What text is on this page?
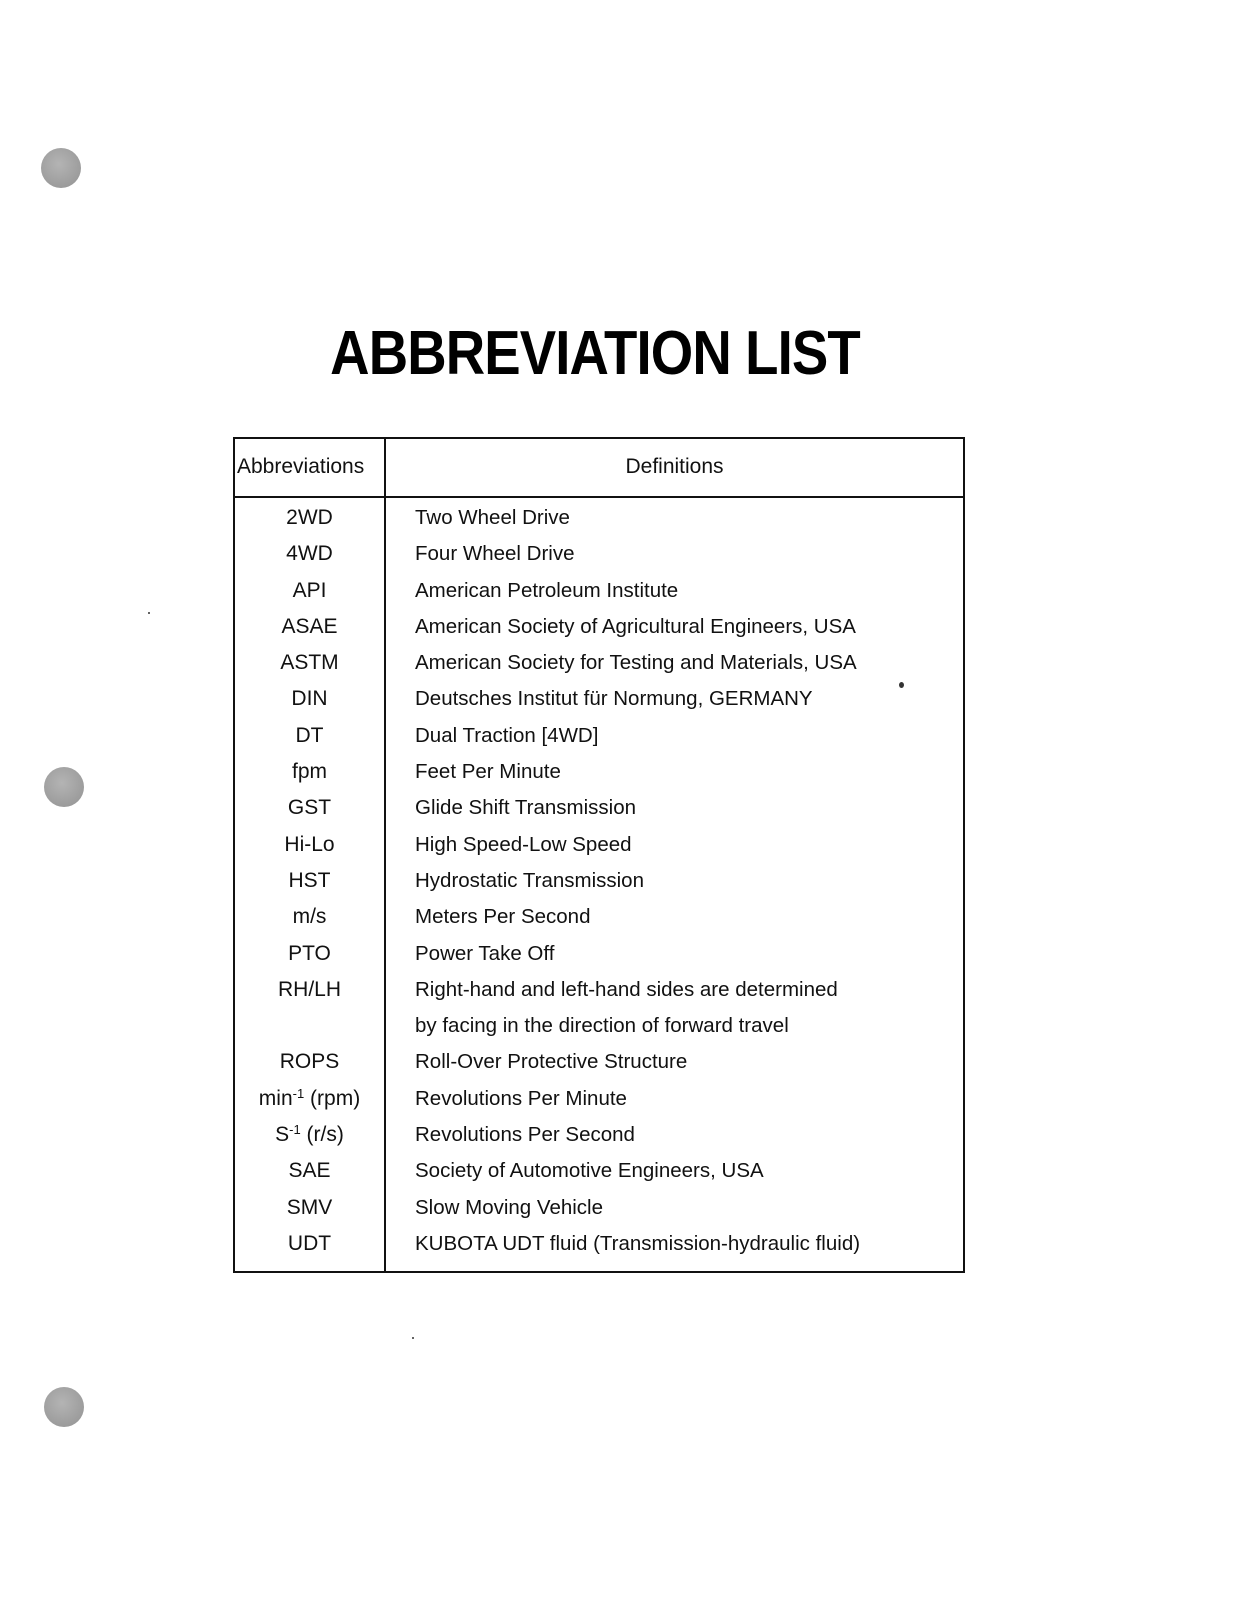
ABBREVIATION LIST
Abbreviations	Definitions
2WD	Two Wheel Drive
4WD	Four Wheel Drive
API	American Petroleum Institute
ASAE	American Society of Agricultural Engineers, USA
ASTM	American Society for Testing and Materials, USA
DIN	Deutsches Institut für Normung, GERMANY
DT	Dual Traction [4WD]
fpm	Feet Per Minute
GST	Glide Shift Transmission
Hi-Lo	High Speed-Low Speed
HST	Hydrostatic Transmission
m/s	Meters Per Second
PTO	Power Take Off
RH/LH	Right-hand and left-hand sides are determined
by facing in the direction of forward travel
ROPS	Roll-Over Protective Structure
$\min^{-1} (rpm)$	Revolutions Per Minute
$S^{-1}$ (r/s)	Revolutions Per Second
SAE	Society of Automotive Engineers, USA
SMV	Slow Moving Vehicle
UDT	KUBOTA UDT fluid (Transmission-hydraulic fluid)
